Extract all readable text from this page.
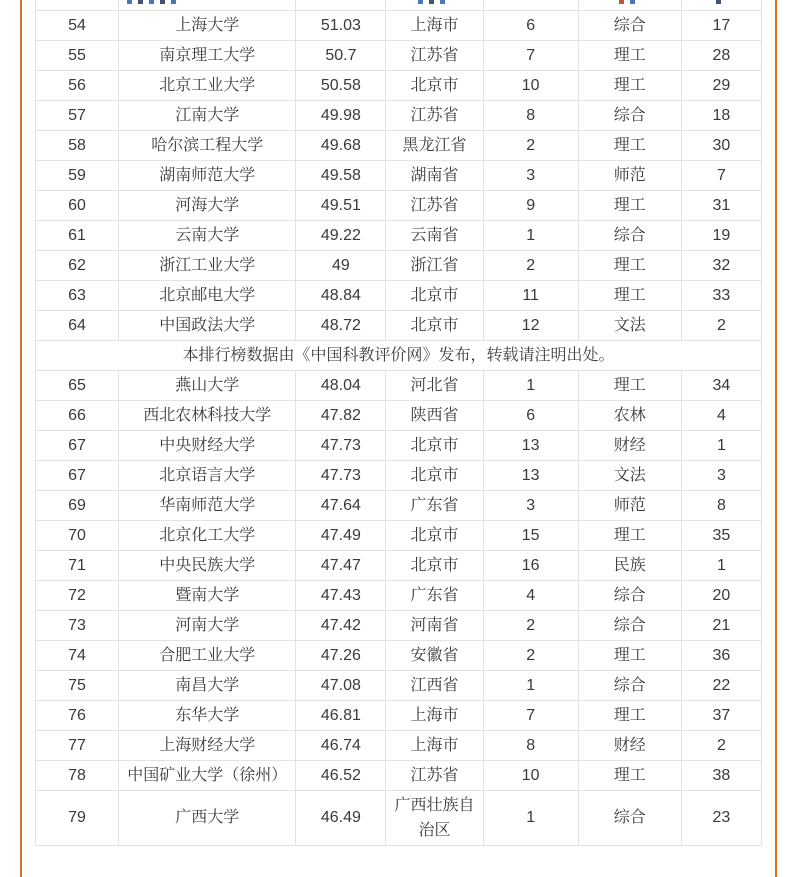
54	上海大学	51.03	上海市	6	综合	17
55	南京理工大学	50.7	江苏省	7	理工	28
56	北京工业大学	50.58	北京市	10	理工	29
57	江南大学	49.98	江苏省	8	综合	18
58	哈尔滨工程大学	49.68	黑龙江省	2	理工	30
59	湖南师范大学	49.58	湖南省	3	师范	7
60	河海大学	49.51	江苏省	9	理工	31
61	云南大学	49.22	云南省	1	综合	19
62	浙江工业大学	49	浙江省	2	理工	32
63	北京邮电大学	48.84	北京市	11	理工	33
64	中国政法大学	48.72	北京市	12	文法	2
本排行榜数据由《中国科教评价网》发布，转载请注明出处。						
65	燕山大学	48.04	河北省	1	理工	34
66	西北农林科技大学	47.82	陕西省	6	农林	4
67	中央财经大学	47.73	北京市	13	财经	1
67	北京语言大学	47.73	北京市	13	文法	3
69	华南师范大学	47.64	广东省	3	师范	8
70	北京化工大学	47.49	北京市	15	理工	35
71	中央民族大学	47.47	北京市	16	民族	1
72	暨南大学	47.43	广东省	4	综合	20
73	河南大学	47.42	河南省	2	综合	21
74	合肥工业大学	47.26	安徽省	2	理工	36
75	南昌大学	47.08	江西省	1	综合	22
76	东华大学	46.81	上海市	7	理工	37
77	上海财经大学	46.74	上海市	8	财经	2
78	中国矿业大学（徐州）	46.52	江苏省	10	理工	38
79	广西大学	46.49	广西壮族自治区	1	综合	23
